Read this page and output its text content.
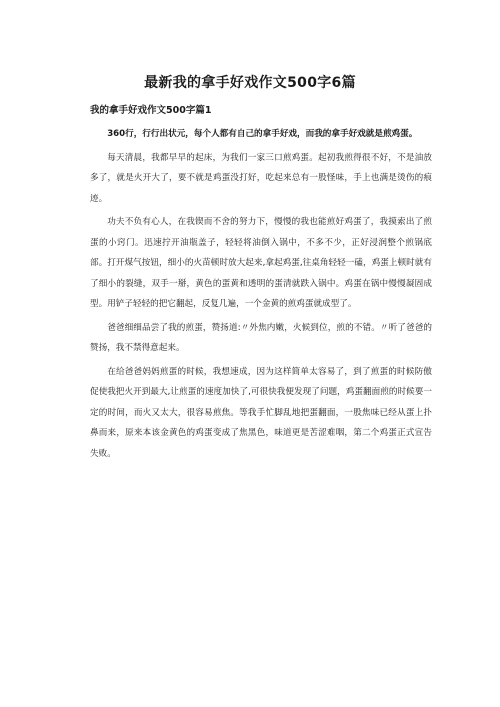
最新我的拿手好戏作文500字6篇
我的拿手好戏作文500字篇1

360行，行行出状元，每个人都有自己的拿手好戏，而我的拿手好戏就是煎鸡蛋。

每天清晨，我都早早的起床，为我们一家三口煎鸡蛋。起初我煎得很不好，不是油放多了，就是火开大了，要不就是鸡蛋没打好，吃起来总有一股怪味，手上也满是烫伤的痕迹。

功夫不负有心人，在我锲而不舍的努力下，慢慢的我也能煎好鸡蛋了，我摸索出了煎蛋的小窍门。迅速拧开油瓶盖子，轻轻将油倒入锅中，不多不少，正好浸润整个煎锅底部。打开煤气按钮，细小的火苗顿时放大起来,拿起鸡蛋,往桌角轻轻一磕，鸡蛋上顿时就有了细小的裂缝，双手一掰，黄色的蛋黄和透明的蛋清就跌入锅中。鸡蛋在锅中慢慢凝固成型。用铲子轻轻的把它翻起，反复几遍，一个金黄的煎鸡蛋就成型了。

爸爸细细品尝了我的煎蛋，赞扬道:〃外焦内嫩，火候到位，煎的不错。〃听了爸爸的赞扬，我不禁得意起来。

在给爸爸妈妈煎蛋的时候，我想速成，因为这样简单太容易了，到了煎蛋的时候防傲促使我把火开到最大,让煎蛋的速度加快了,可很快我便发现了问题，鸡蛋翻面煎的时候要一定的时间，而火又太大，很容易煎焦。等我手忙脚乱地把蛋翻面，一股焦味已经从蛋上扑鼻而来，原来本该金黄色的鸡蛋变成了焦黑色，味道更是苦涩难咽，第二个鸡蛋正式宣告失败。
